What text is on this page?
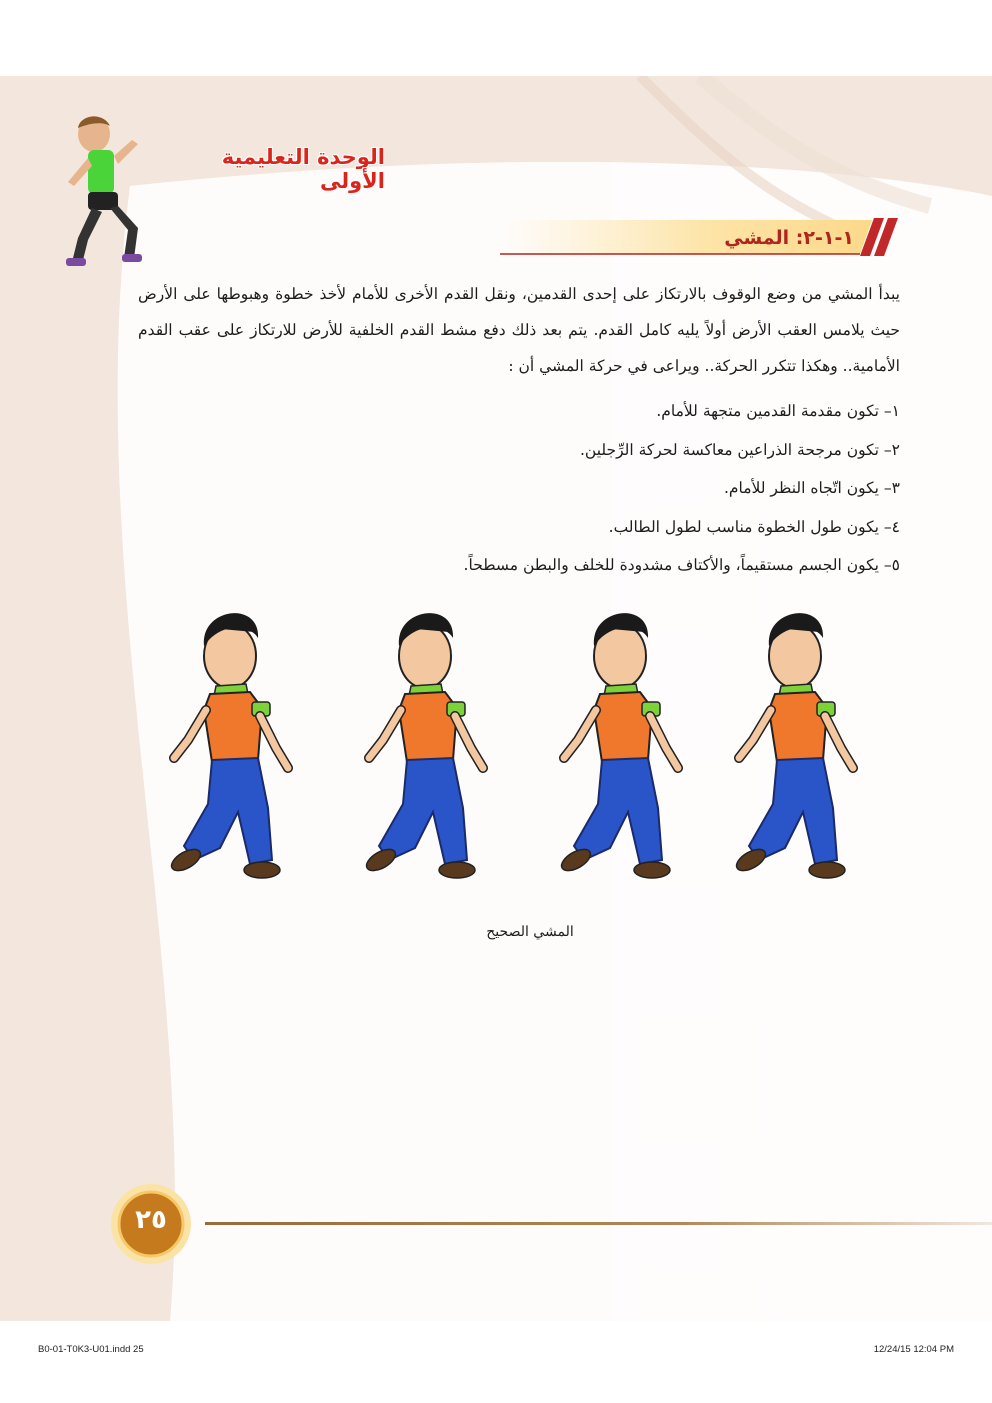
الوحدة التعليمية الأولى
١-١-٢: المشي
يبدأ المشي من وضع الوقوف بالارتكاز على إحدى القدمين، ونقل القدم الأخرى للأمام لأخذ خطوة وهبوطها على الأرض حيث يلامس العقب الأرض أولاً يليه كامل القدم. يتم بعد ذلك دفع مشط القدم الخلفية للأرض للارتكاز على عقب القدم الأمامية.. وهكذا تتكرر الحركة.. ويراعى في حركة المشي أن :
١– تكون مقدمة القدمين متجهة للأمام.
٢– تكون مرجحة الذراعين معاكسة لحركة الرِّجلين.
٣– يكون اتّجاه النظر للأمام.
٤– يكون طول الخطوة مناسب لطول الطالب.
٥– يكون الجسم مستقيماً، والأكتاف مشدودة للخلف والبطن مسطحاً.
المشي الصحيح
٢٥
B0-01-T0K3-U01.indd 25	12/24/15 12:04 PM
